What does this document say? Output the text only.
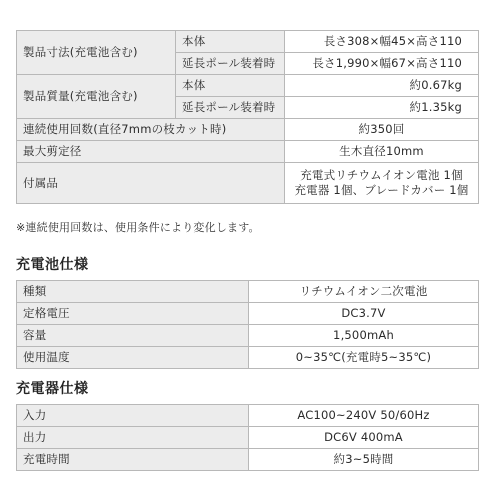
製品寸法(充電池含む)	本体	長さ308×幅45×高さ110
	延長ポール装着時	長さ1,990×幅67×高さ110
製品質量(充電池含む)	本体	約0.67kg
	延長ポール装着時	約1.35kg
連続使用回数(直径7mmの枝カット時)		約350回
最大剪定径		生木直径10mm
付属品		充電式リチウムイオン電池 1個
充電器 1個、ブレードカバー 1個
※連続使用回数は、使用条件により変化します。
充電池仕様
種類	リチウムイオン二次電池
定格電圧	DC3.7V
容量	1,500mAh
使用温度	0~35℃(充電時5~35℃)
充電器仕様
入力	AC100~240V 50/60Hz
出力	DC6V 400mA
充電時間	約3~5時間
